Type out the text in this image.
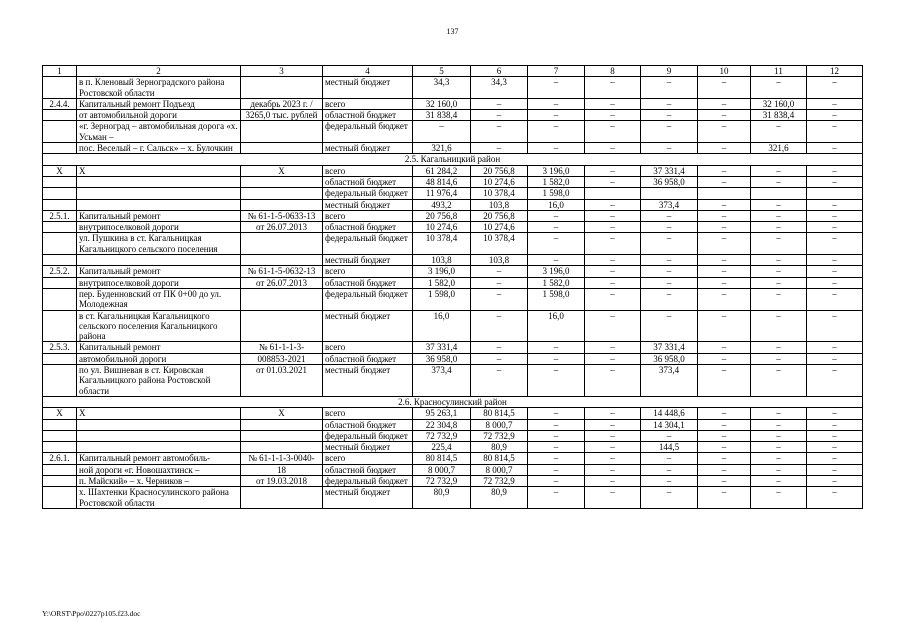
137
1	2	3	4	5	6	7	8	9	10	11	12
	в п. Кленовый Зерноградского района Ростовской области		местный бюджет	34,3	34,3	–	–	–	–	–	–
2.4.4.	Капитальный ремонт Подъезд	декабрь 2023 г. /	всего	32 160,0	–	–	–	–	–	32 160,0	–
	от автомобильной дороги	3265,0 тыс. рублей	областной бюджет	31 838,4	–	–	–	–	–	31 838,4	–
	«г. Зерноград – автомобильная дорога «х. Усьман –		федеральный бюджет	–	–	–	–	–	–	–	–
	пос. Веселый – г. Сальск» – х. Булочкин		местный бюджет	321,6	–	–	–	–	–	321,6	–
2.5. Кагальницкий район											
Х	Х	Х	всего	61 284,2	20 756,8	3 196,0	–	37 331,4	–	–	–
			областной бюджет	48 814,6	10 274,6	1 582,0	–	36 958,0	–	–	–
			федеральный бюджет	11 976,4	10 378,4	1 598,0					
			местный бюджет	493,2	103,8	16,0	–	373,4	–	–	–
2.5.1.	Капитальный ремонт	№ 61-1-5-0633-13	всего	20 756,8	20 756,8	–	–	–	–	–	–
	внутрипоселковой дороги	от 26.07.2013	областной бюджет	10 274,6	10 274,6	–	–	–	–	–	–
	ул. Пушкина в ст. Кагальницкая Кагальницкого сельского поселения		федеральный бюджет	10 378,4	10 378,4	–	–	–	–	–	–
			местный бюджет	103,8	103,8	–	–	–	–	–	–
2.5.2.	Капитальный ремонт	№ 61-1-5-0632-13	всего	3 196,0	–	3 196,0	–	–	–	–	–
	внутрипоселковой дороги	от 26.07.2013	областной бюджет	1 582,0	–	1 582,0	–	–	–	–	–
	пер. Буденновский от ПК 0+00 до ул. Молодежная		федеральный бюджет	1 598,0	–	1 598,0	–	–	–	–	–
	в ст. Кагальницкая Кагальницкого сельского поселения Кагальницкого района		местный бюджет	16,0	–	16,0	–	–	–	–	–
2.5.3.	Капитальный ремонт	№ 61-1-1-3-	всего	37 331,4	–	–	–	37 331,4	–	–	–
	автомобильной дороги	008853-2021	областной бюджет	36 958,0	–	–	–	36 958,0	–	–	–
	по ул. Вишневая в ст. Кировская Кагальницкого района Ростовской области	от 01.03.2021	местный бюджет	373,4	–	–	–	373,4	–	–	–
2.6. Красносулинский район											
Х	Х	Х	всего	95 263,1	80 814,5	–	–	14 448,6	–	–	–
			областной бюджет	22 304,8	8 000,7	–	–	14 304,1	–	–	–
			федеральный бюджет	72 732,9	72 732,9	–	–	–	–	–	–
			местный бюджет	225,4	80,9	–	–	144,5	–	–	–
2.6.1.	Капитальный ремонт автомобиль-	№ 61-1-1-3-0040-	всего	80 814,5	80 814,5	–	–	–	–	–	–
	ной дороги «г. Новошахтинск –	18	областной бюджет	8 000,7	8 000,7	–	–	–	–	–	–
	п. Майский» – х. Черников –	от 19.03.2018	федеральный бюджет	72 732,9	72 732,9	–	–	–	–	–	–
	х. Шахтенки Красносулинского района Ростовской области		местный бюджет	80,9	80,9	–	–	–	–	–	–
Y:\ORST\Ppo\0227p105.f23.doc
